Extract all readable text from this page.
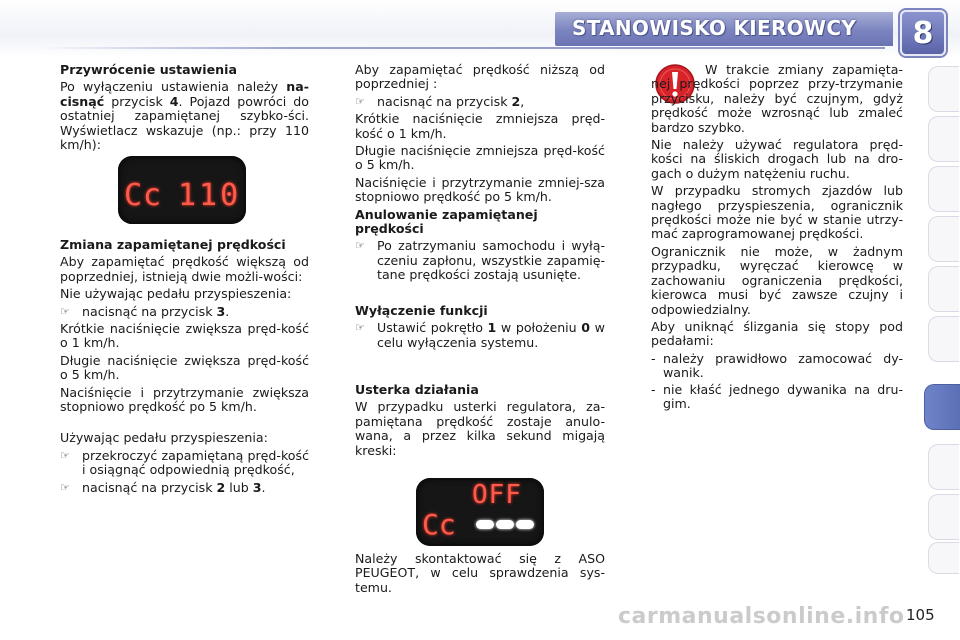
STANOWISKO KIEROWCY 8
Przywrócenie ustawienia

Po wyłączeniu ustawienia należy na-cisnąć przycisk 4. Pojazd powróci do ostatniej zapamiętanej szybko-ści. Wyświetlacz wskazuje (np.: przy 110 km/h):

Cc 110
Zmiana zapamiętanej prędkości

Aby zapamiętać prędkość większą od poprzedniej, istnieją dwie możli-wości:

Nie używając pedału przyspieszenia:

☞ nacisnąć na przycisk 3.

Krótkie naciśnięcie zwiększa pręd-kość o 1 km/h.

Długie naciśnięcie zwiększa pręd-kość o 5 km/h.

Naciśnięcie i przytrzymanie zwiększa stopniowo prędkość po 5 km/h.

Używając pedału przyspieszenia:

☞ przekroczyć zapamiętaną pręd-kość i osiągnąć odpowiednią prędkość,
☞ nacisnąć na przycisk 2 lub 3.

Aby zapamiętać prędkość niższą od poprzedniej :

☞ nacisnąć na przycisk 2,

Krótkie naciśnięcie zmniejsza pręd-kość o 1 km/h.

Długie naciśnięcie zmniejsza pręd-kość o 5 km/h.

Naciśnięcie i przytrzymanie zmniej-sza stopniowo prędkość po 5 km/h.

Anulowanie zapamiętanej prędkości
☞ Po zatrzymaniu samochodu i wyłą-czeniu zapłonu, wszystkie zapamię-tane prędkości zostają usunięte.
Wyłączenie funkcji
☞ Ustawić pokrętło 1 w położeniu 0 w celu wyłączenia systemu.
Usterka działania

W przypadku usterki regulatora, za-pamiętana prędkość zostaje anulo-wana, a przez kilka sekund migają kreski:

OFF
Cc

Należy skontaktować się z ASO PEUGEOT, w celu sprawdzenia sys-temu.

W trakcie zmiany zapamięta-nej prędkości poprzez przy-trzymanie przycisku, należy być czujnym, gdyż prędkość może wzrosnąć lub zmaleć bardzo szybko.

Nie należy używać regulatora pręd-kości na śliskich drogach lub na dro-gach o dużym natężeniu ruchu.

W przypadku stromych zjazdów lub nagłego przyspieszenia, ogranicznik prędkości może nie być w stanie utrzy-mać zaprogramowanej prędkości.

Ogranicznik nie może, w żadnym przypadku, wyręczać kierowcę w zachowaniu ograniczenia prędkości, kierowca musi być zawsze czujny i odpowiedzialny.

Aby uniknąć ślizgania się stopy pod pedałami:

- należy prawidłowo zamocować dy-wanik.
- nie kłaść jednego dywanika na dru-gim.
carmanualsonline.info 105
